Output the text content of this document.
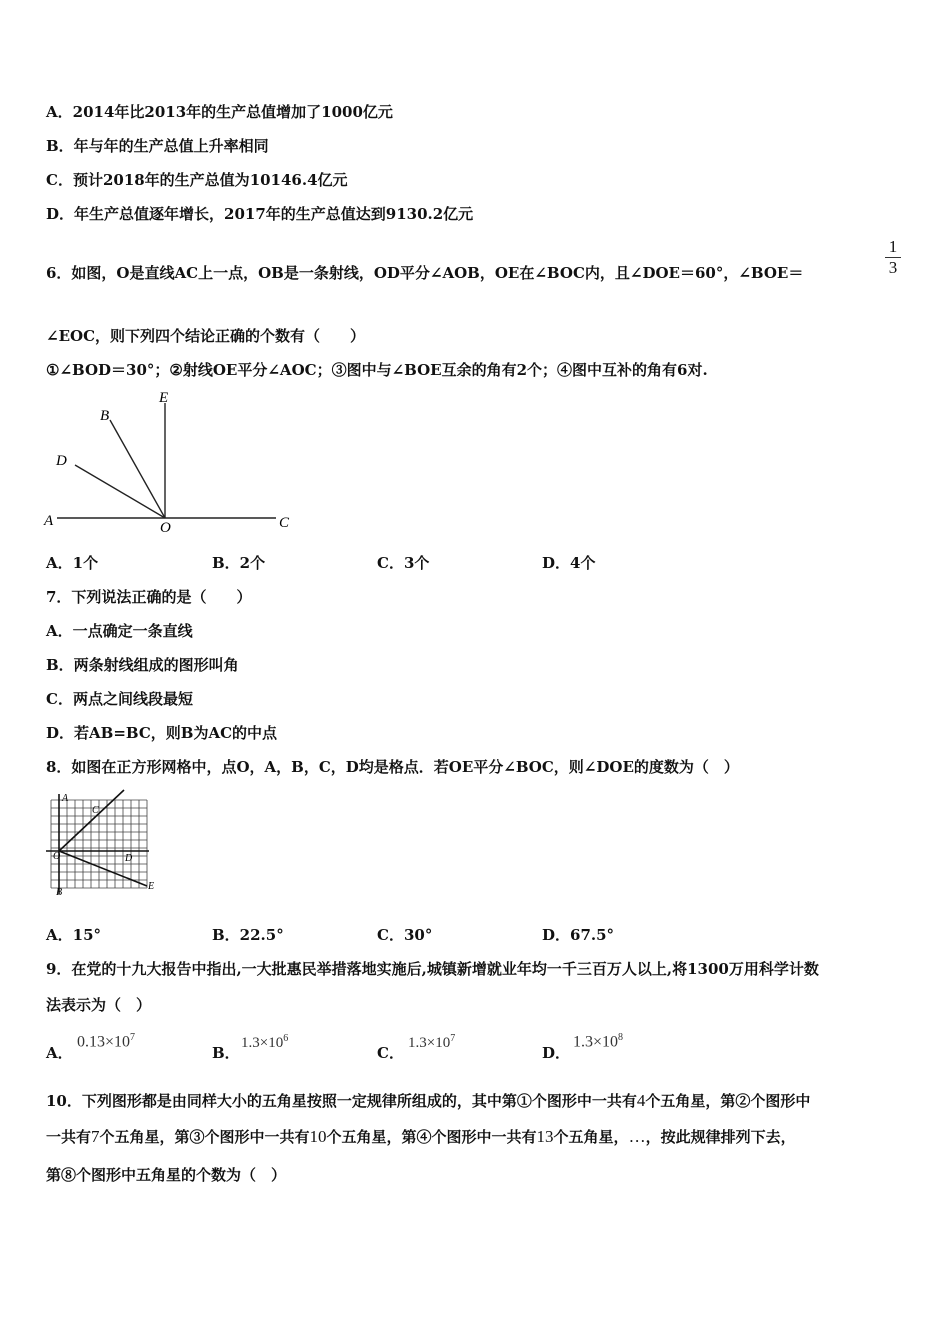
A．2014年比2013年的生产总值增加了1000亿元
B．年与年的生产总值上升率相同
C．预计2018年的生产总值为10146.4亿元
D．年生产总值逐年增长，2017年的生产总值达到9130.2亿元
6．如图，O是直线AC上一点，OB是一条射线，OD平分∠AOB，OE在∠BOC内，且∠DOE＝60°，∠BOE＝
1
3
∠EOC，则下列四个结论正确的个数有（　　）
①∠BOD＝30°；②射线OE平分∠AOC；③图中与∠BOE互余的角有2个；④图中互补的角有6对.
A	O	C
E
B
D
A．1个	B．2个	C．3个	D．4个
7．下列说法正确的是（　　）
A．一点确定一条直线
B．两条射线组成的图形叫角
C．两点之间线段最短
D．若AB=BC，则B为AC的中点
8．如图在正方形网格中，点O，A，B，C，D均是格点．若OE平分∠BOC，则∠DOE的度数为（　）
A
C
O	D
B
E
A．15°	B．22.5°	C．30°	D．67.5°
9．在党的十九大报告中指出,一大批惠民举措落地实施后,城镇新增就业年均一千三百万人以上,将1300万用科学计数
法表示为（　）
A．
$0.13\times 10^7$
B．
$1.3\times 10^6$
C．
$1.3\times 10^7$
D．
$1.3\times 10^8$
10．下列图形都是由同样大小的五角星按照一定规律所组成的，其中第①个图形中一共有4个五角星，第②个图形中
一共有7个五角星，第③个图形中一共有10个五角星，第④个图形中一共有13个五角星，…，按此规律排列下去，
第⑧个图形中五角星的个数为（　）
